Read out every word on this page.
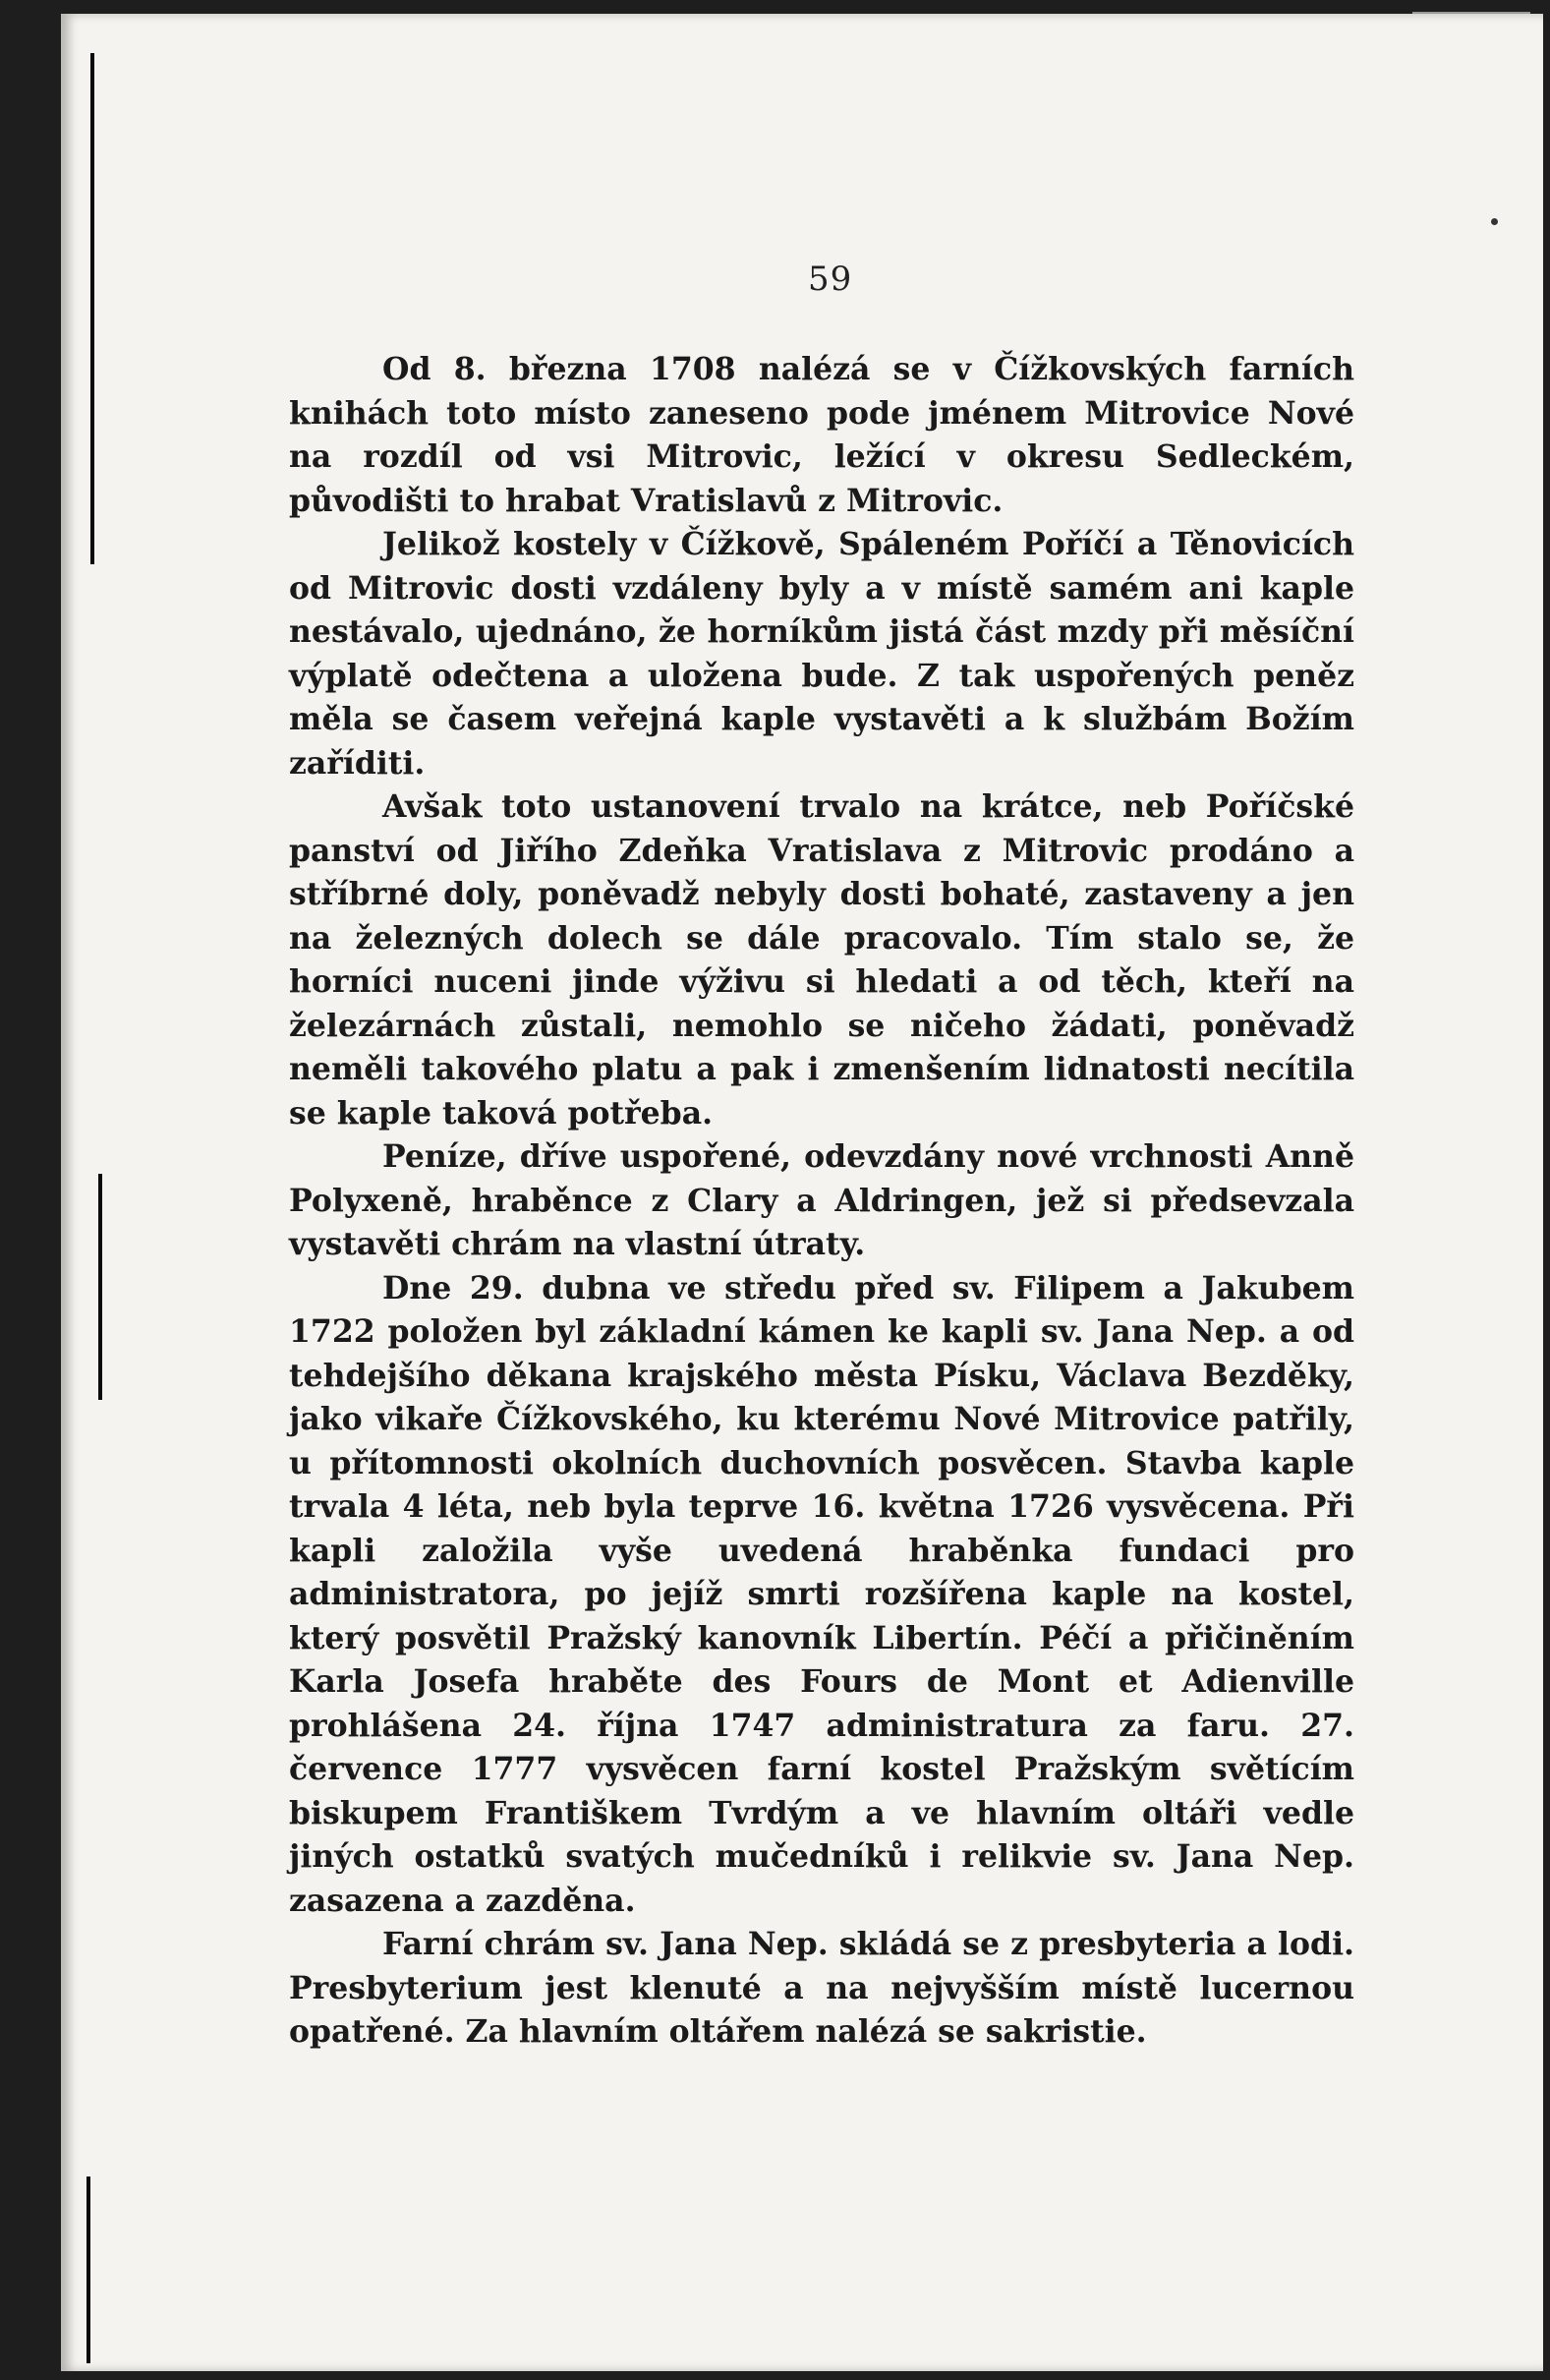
59

Od 8. března 1708 nalézá se v Čížkovských farních knihách toto místo zaneseno pode jménem Mitrovice Nové na rozdíl od vsi Mitrovic, ležící v okresu Sedleckém, původišti to hrabat Vratislavů z Mitrovic.

Jelikož kostely v Čížkově, Spáleném Poříčí a Těnovicích od Mitrovic dosti vzdáleny byly a v místě samém ani kaple nestávalo, ujednáno, že horníkům jistá část mzdy při měsíční výplatě odečtena a uložena bude. Z tak uspořených peněz měla se časem veřejná kaple vystavěti a k službám Božím zaříditi.

Avšak toto ustanovení trvalo na krátce, neb Poříčské panství od Jiřího Zdeňka Vratislava z Mitrovic prodáno a stříbrné doly, poněvadž nebyly dosti bohaté, zastaveny a jen na železných dolech se dále pracovalo. Tím stalo se, že horníci nuceni jinde výživu si hledati a od těch, kteří na železárnách zůstali, nemohlo se ničeho žádati, poněvadž neměli takového platu a pak i zmenšením lidnatosti necítila se kaple taková potřeba.

Peníze, dříve uspořené, odevzdány nové vrchnosti Anně Polyxeně, hraběnce z Clary a Aldringen, jež si předsevzala vystavěti chrám na vlastní útraty.

Dne 29. dubna ve středu před sv. Filipem a Jakubem 1722 položen byl základní kámen ke kapli sv. Jana Nep. a od tehdejšího děkana krajského města Písku, Václava Bezděky, jako vikaře Čížkovského, ku kterému Nové Mitrovice patřily, u přítomnosti okolních duchovních posvěcen. Stavba kaple trvala 4 léta, neb byla teprve 16. května 1726 vysvěcena. Při kapli založila vyše uvedená hraběnka fundaci pro administratora, po jejíž smrti rozšířena kaple na kostel, který posvětil Pražský kanovník Libertín. Péčí a přičiněním Karla Josefa hraběte des Fours de Mont et Adienville prohlášena 24. října 1747 administratura za faru. 27. července 1777 vysvěcen farní kostel Pražským světícím biskupem Františkem Tvrdým a ve hlavním oltáři vedle jiných ostatků svatých mučedníků i relikvie sv. Jana Nep. zasazena a zazděna.

Farní chrám sv. Jana Nep. skládá se z presbyteria a lodi. Presbyterium jest klenuté a na nejvyšším místě lucernou opatřené. Za hlavním oltářem nalézá se sakristie.
